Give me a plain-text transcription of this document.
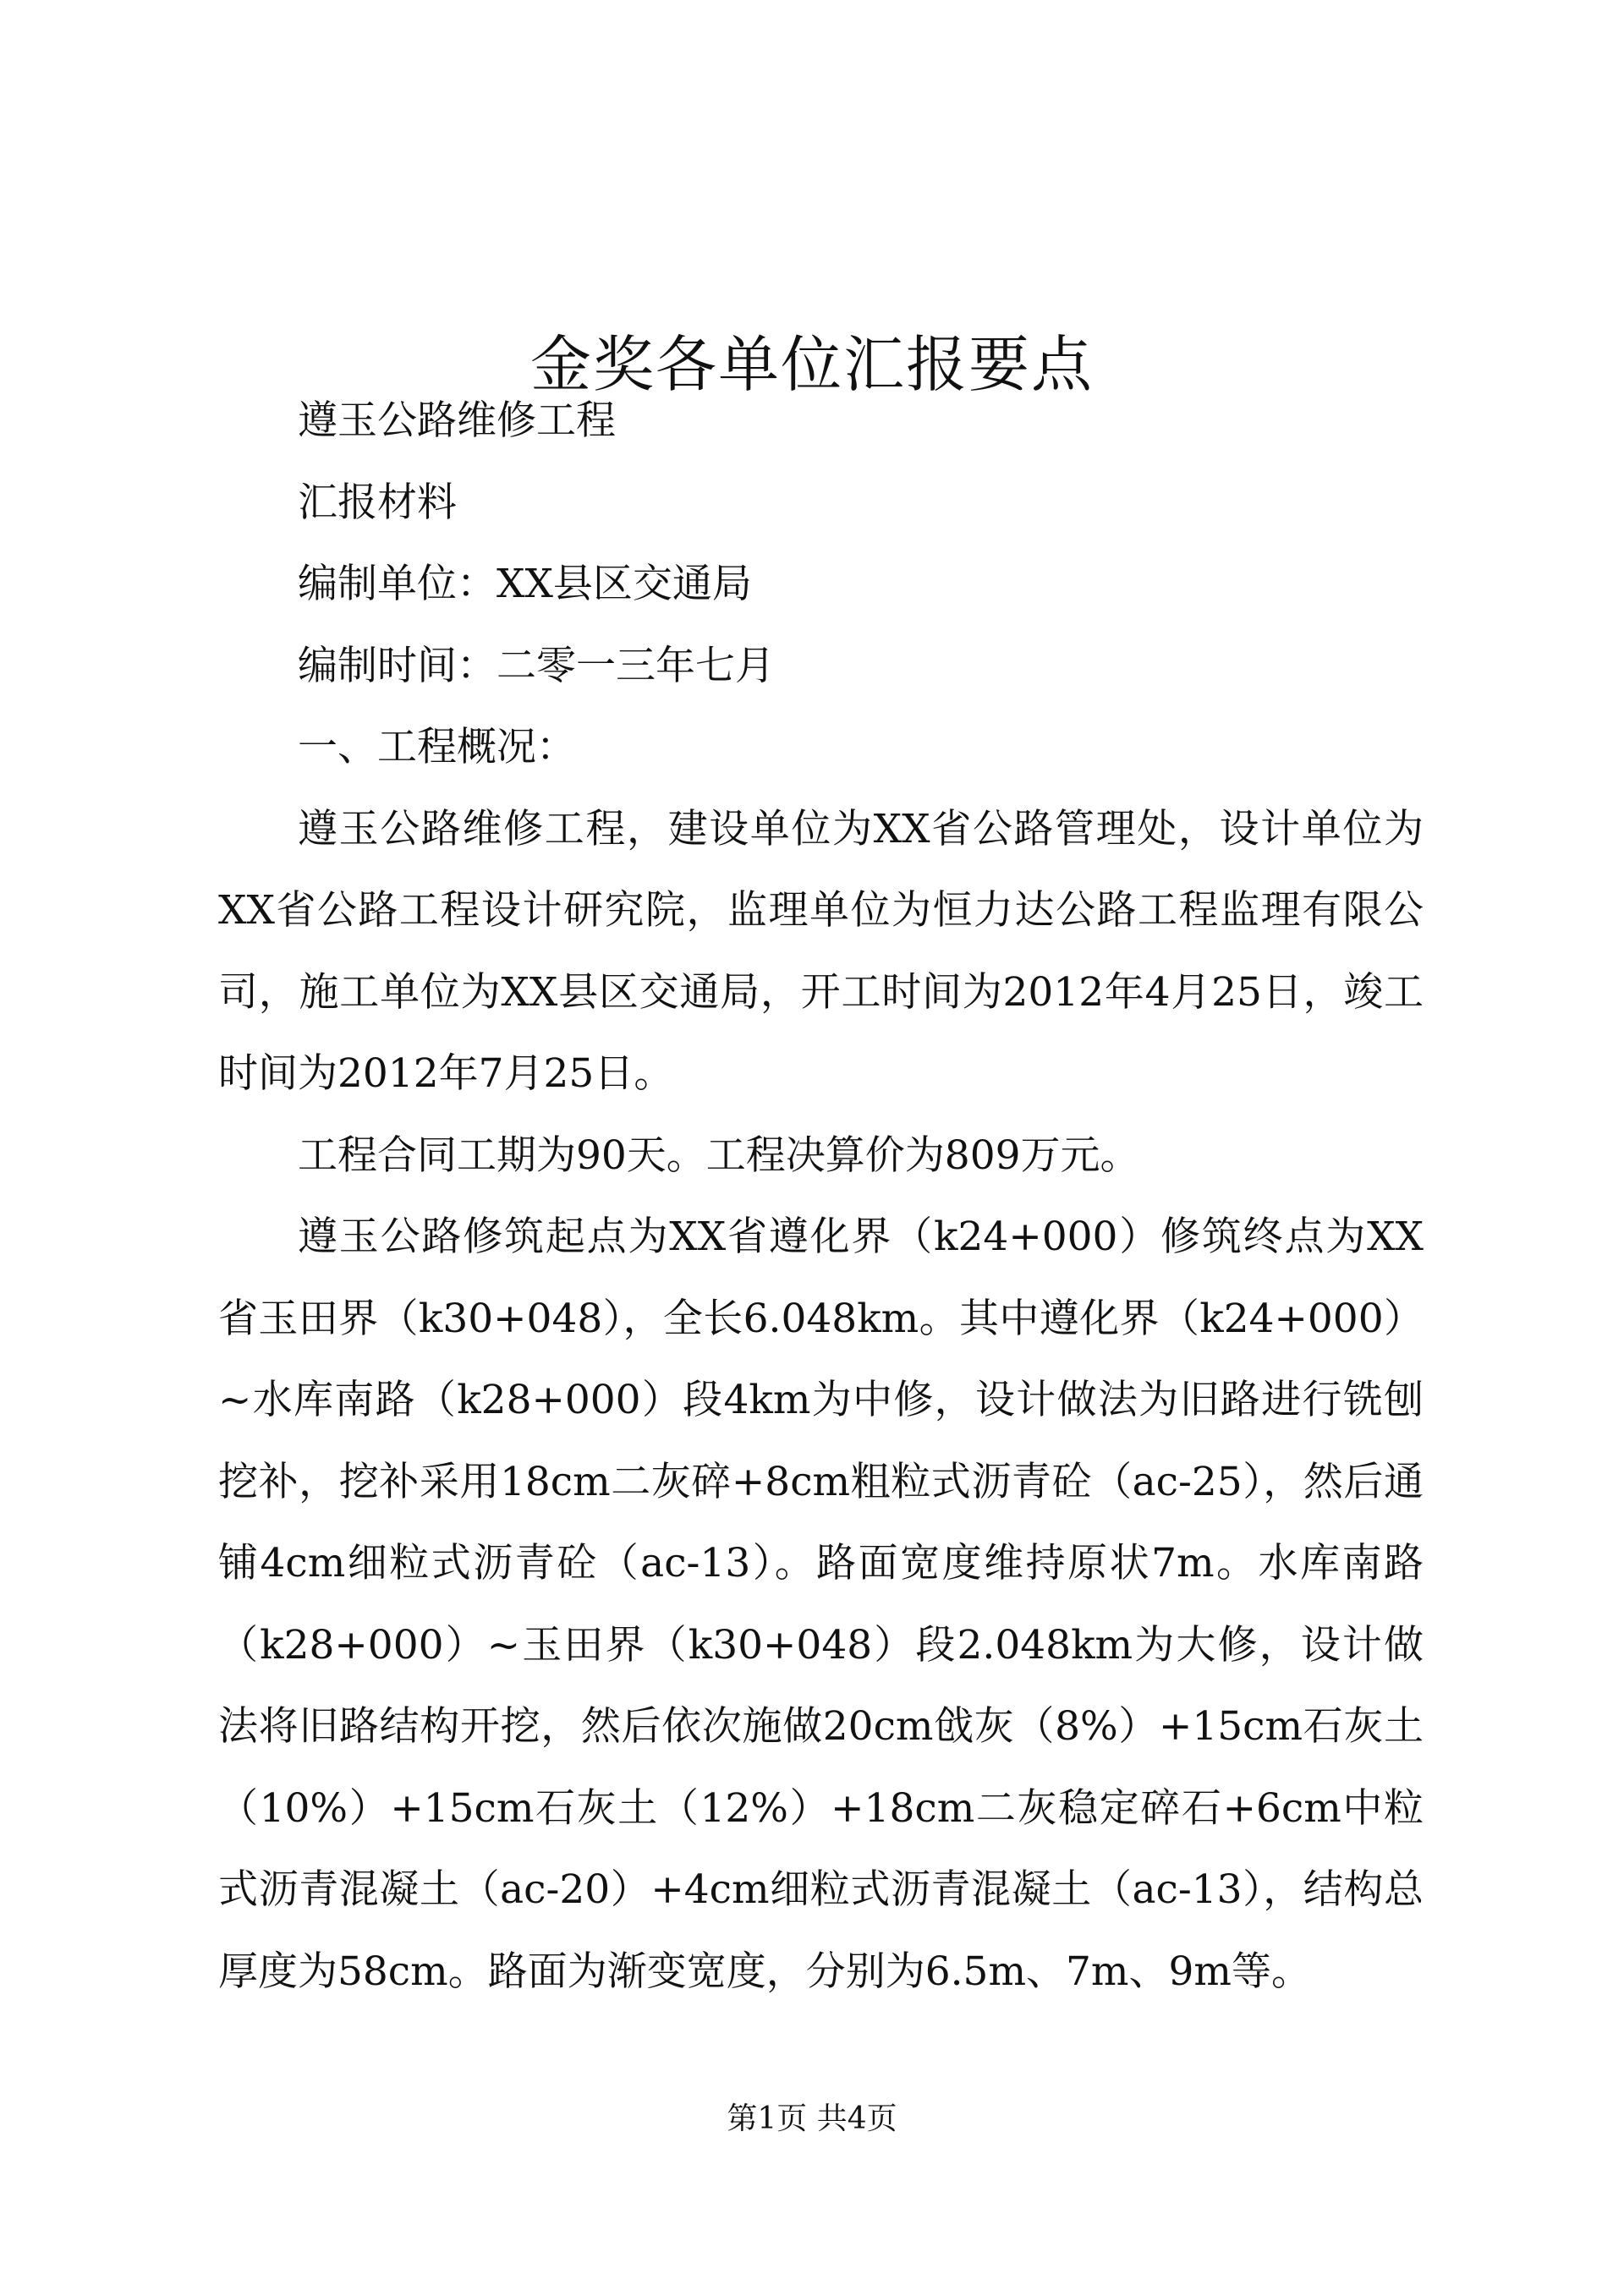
金奖各单位汇报要点

遵玉公路维修工程

汇报材料

编制单位：XX县区交通局

编制时间：二零一三年七月

一、工程概况：

遵玉公路维修工程，建设单位为XX省公路管理处，设计单位为XX省公路工程设计研究院，监理单位为恒力达公路工程监理有限公司，施工单位为XX县区交通局，开工时间为2012年4月25日，竣工时间为2012年7月25日。

工程合同工期为90天。工程决算价为809万元。

遵玉公路修筑起点为XX省遵化界（k24+000）修筑终点为XX省玉田界（k30+048），全长6.048km。其中遵化界（k24+000）~水库南路（k28+000）段4km为中修，设计做法为旧路进行铣刨挖补，挖补采用18cm二灰碎+8cm粗粒式沥青砼（ac-25），然后通铺4cm细粒式沥青砼（ac-13）。路面宽度维持原状7m。水库南路（k28+000）~玉田界（k30+048）段2.048km为大修，设计做法将旧路结构开挖，然后依次施做20cm戗灰（8%）+15cm石灰土（10%）+15cm石灰土（12%）+18cm二灰稳定碎石+6cm中粒式沥青混凝土（ac-20）+4cm细粒式沥青混凝土（ac-13），结构总厚度为58cm。路面为渐变宽度，分别为6.5m、7m、9m等。

第1页 共4页
